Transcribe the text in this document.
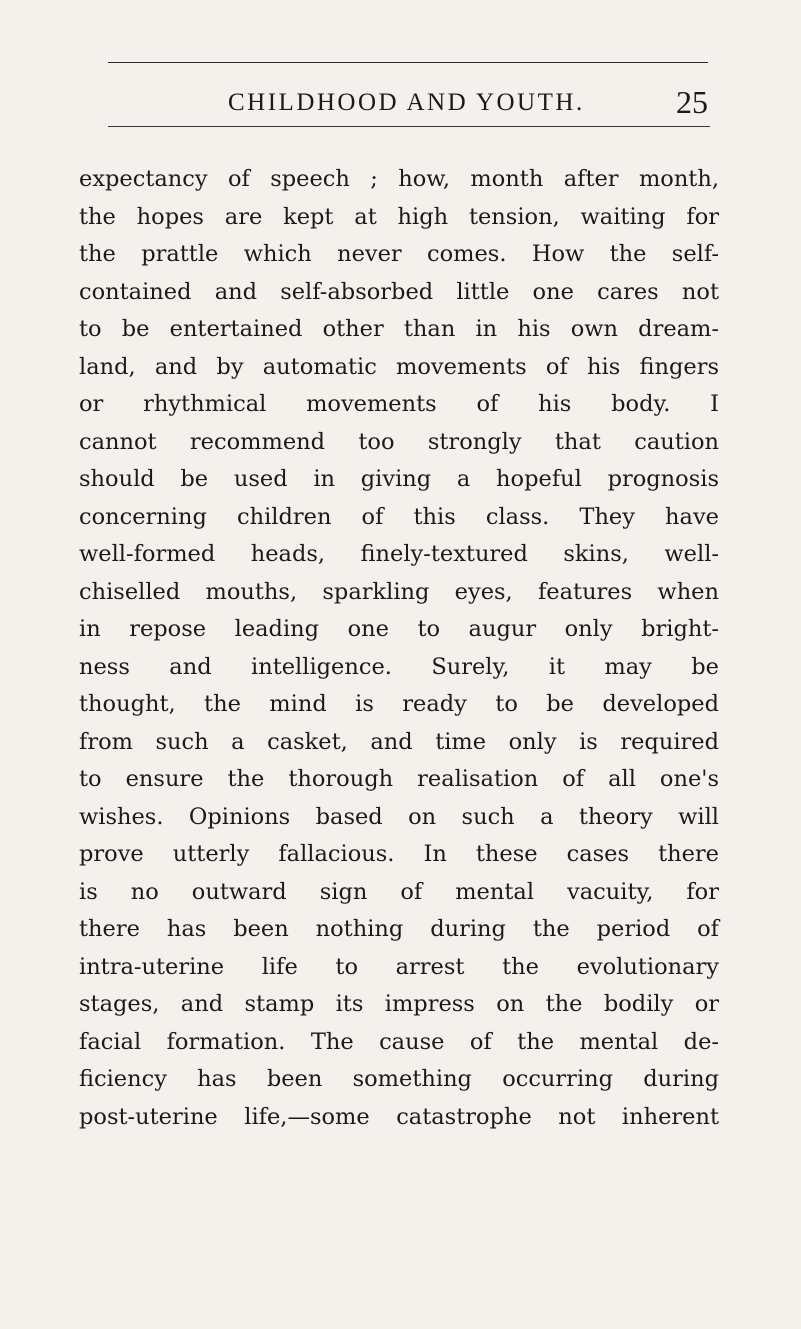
CHILDHOOD AND YOUTH.	25
expectancy of speech ; how, month after month,
the hopes are kept at high tension, waiting for
the prattle which never comes. How the self-
contained and self-absorbed little one cares not
to be entertained other than in his own dream-
land, and by automatic movements of his fingers
or rhythmical movements of his body. I
cannot recommend too strongly that caution
should be used in giving a hopeful prognosis
concerning children of this class. They have
well-formed heads, finely-textured skins, well-
chiselled mouths, sparkling eyes, features when
in repose leading one to augur only bright-
ness and intelligence. Surely, it may be
thought, the mind is ready to be developed
from such a casket, and time only is required
to ensure the thorough realisation of all one's
wishes. Opinions based on such a theory will
prove utterly fallacious. In these cases there
is no outward sign of mental vacuity, for
there has been nothing during the period of
intra-uterine life to arrest the evolutionary
stages, and stamp its impress on the bodily or
facial formation. The cause of the mental de-
ficiency has been something occurring during
post-uterine life,—some catastrophe not inherent
